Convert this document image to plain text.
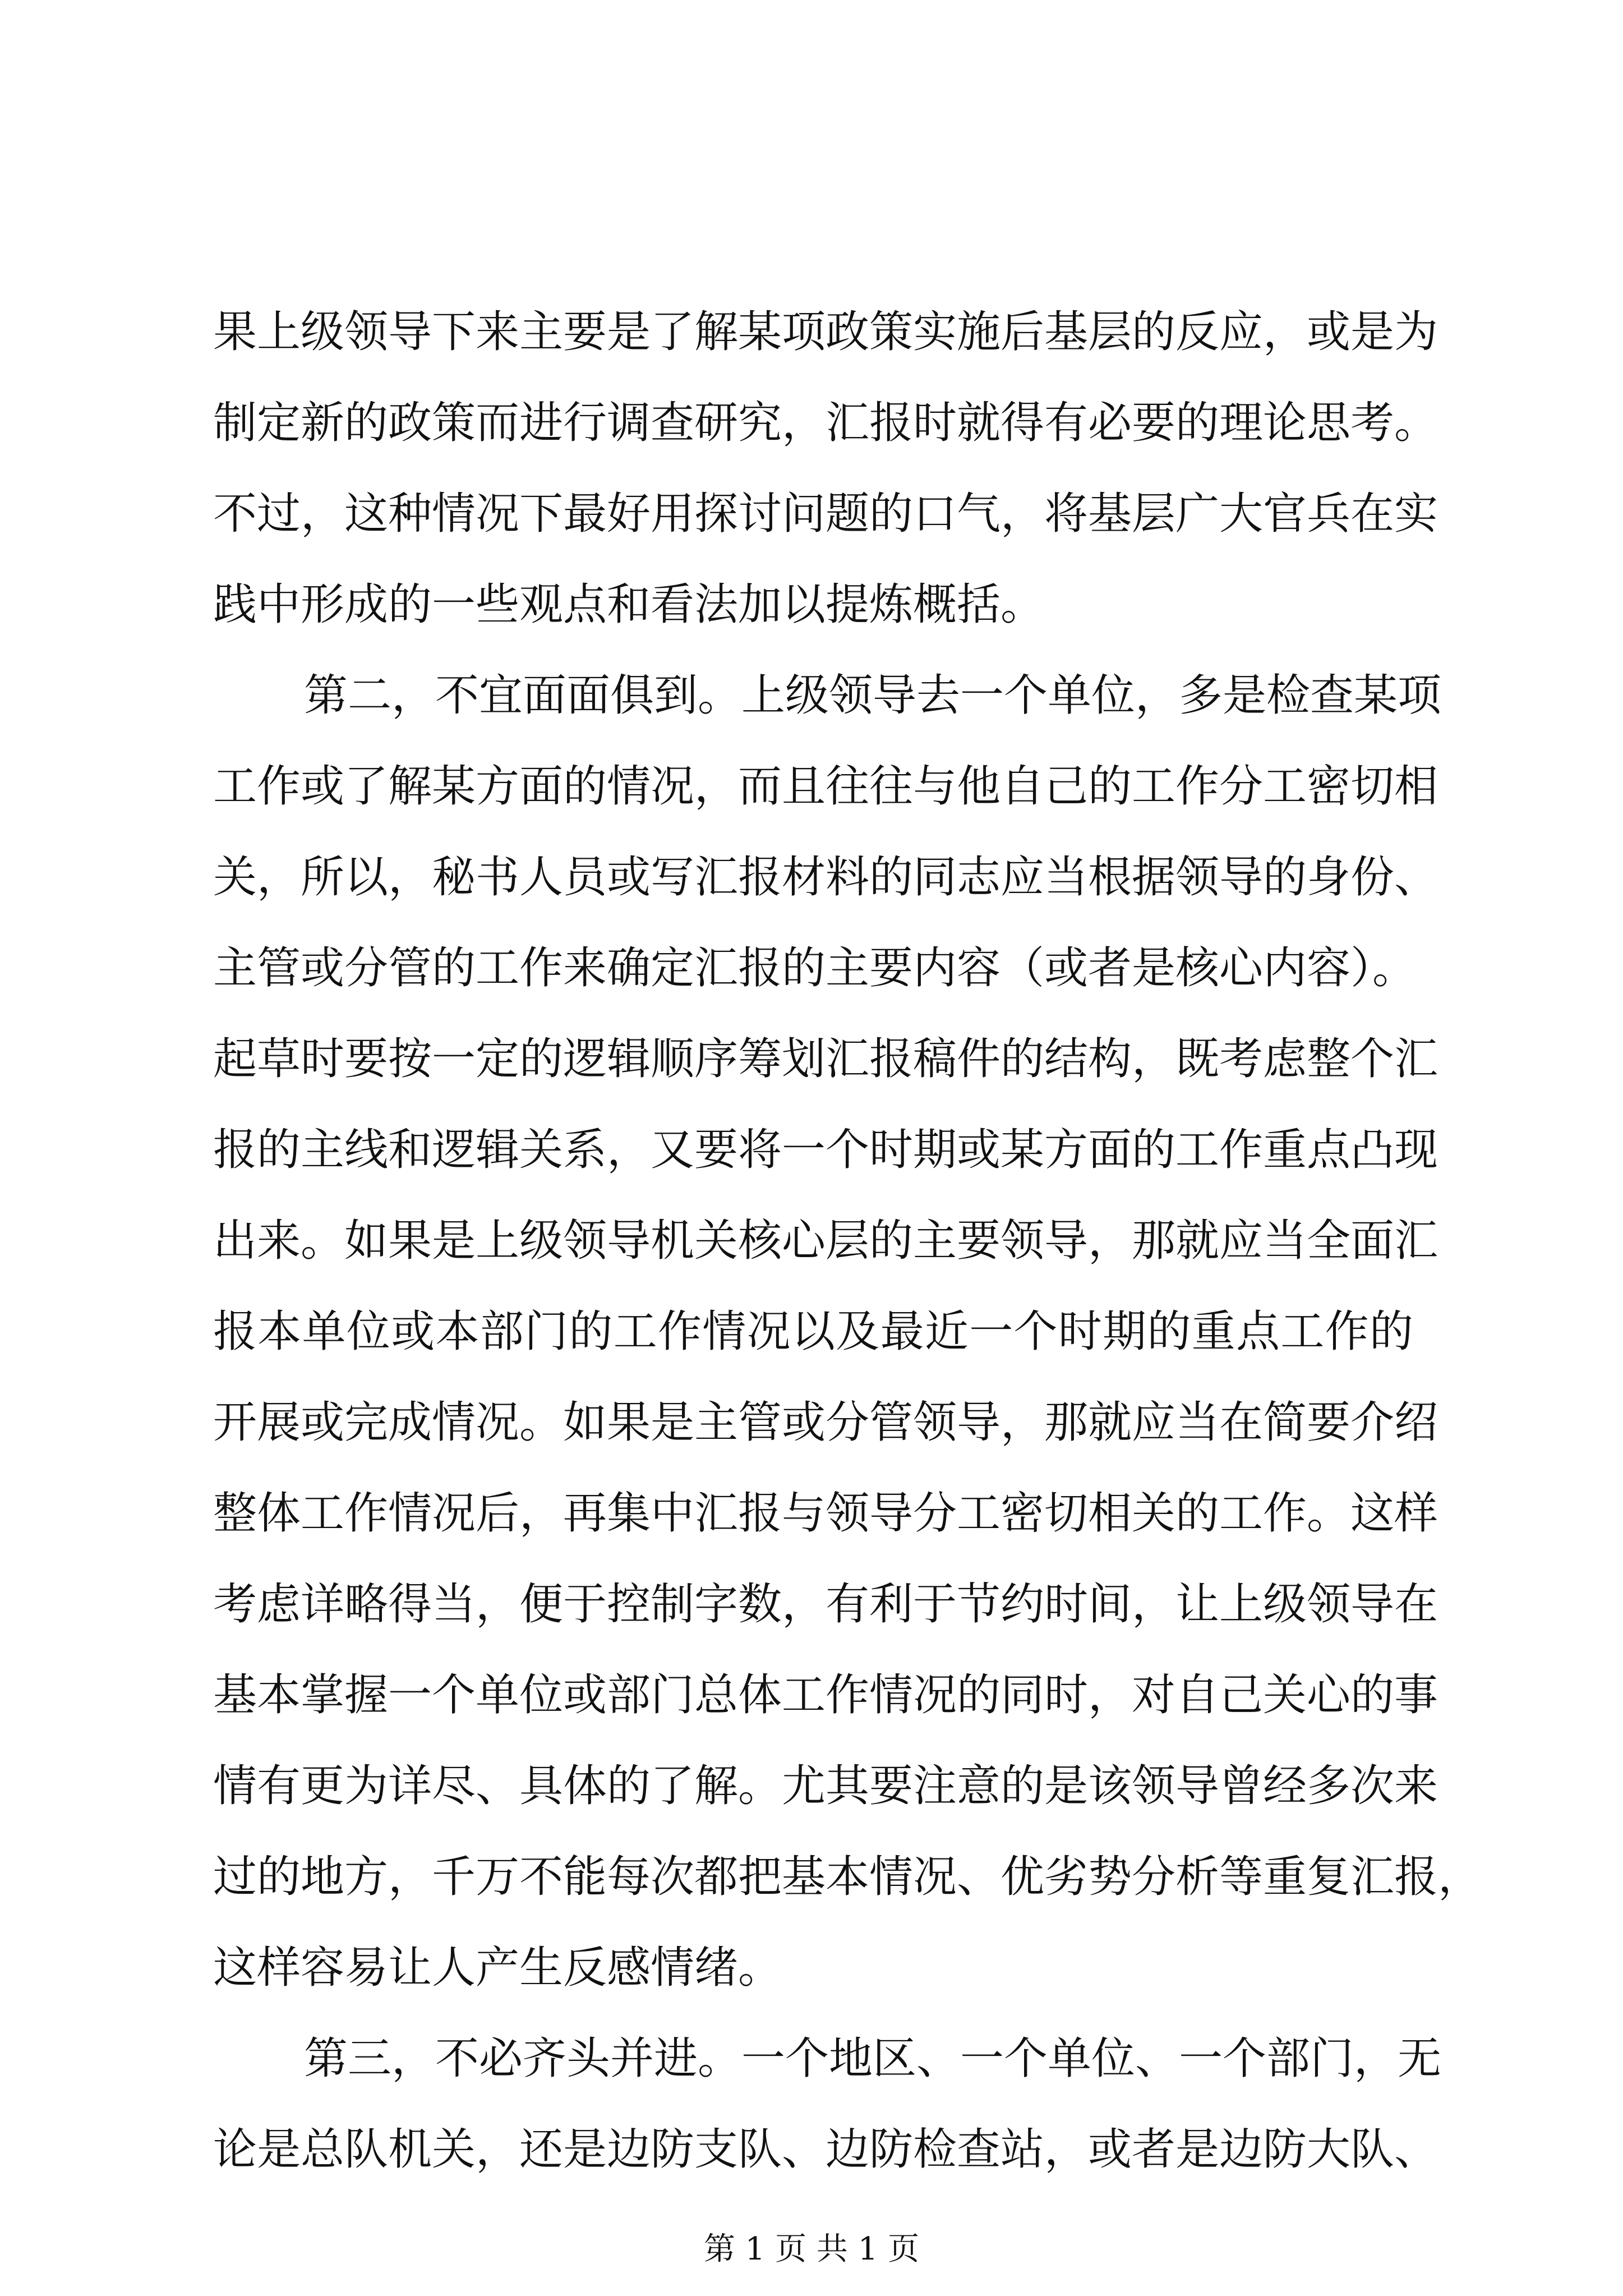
果上级领导下来主要是了解某项政策实施后基层的反应，或是为

制定新的政策而进行调查研究，汇报时就得有必要的理论思考。

不过，这种情况下最好用探讨问题的口气，将基层广大官兵在实

践中形成的一些观点和看法加以提炼概括。

第二，不宜面面俱到。上级领导去一个单位，多是检查某项

工作或了解某方面的情况，而且往往与他自己的工作分工密切相

关，所以，秘书人员或写汇报材料的同志应当根据领导的身份、

主管或分管的工作来确定汇报的主要内容（或者是核心内容）。

起草时要按一定的逻辑顺序筹划汇报稿件的结构，既考虑整个汇

报的主线和逻辑关系，又要将一个时期或某方面的工作重点凸现

出来。如果是上级领导机关核心层的主要领导，那就应当全面汇

报本单位或本部门的工作情况以及最近一个时期的重点工作的

开展或完成情况。如果是主管或分管领导，那就应当在简要介绍

整体工作情况后，再集中汇报与领导分工密切相关的工作。这样

考虑详略得当，便于控制字数，有利于节约时间，让上级领导在

基本掌握一个单位或部门总体工作情况的同时，对自己关心的事

情有更为详尽、具体的了解。尤其要注意的是该领导曾经多次来

过的地方，千万不能每次都把基本情况、优劣势分析等重复汇报，

这样容易让人产生反感情绪。

第三，不必齐头并进。一个地区、一个单位、一个部门，无

论是总队机关，还是边防支队、边防检查站，或者是边防大队、

第 1 页 共 1 页
